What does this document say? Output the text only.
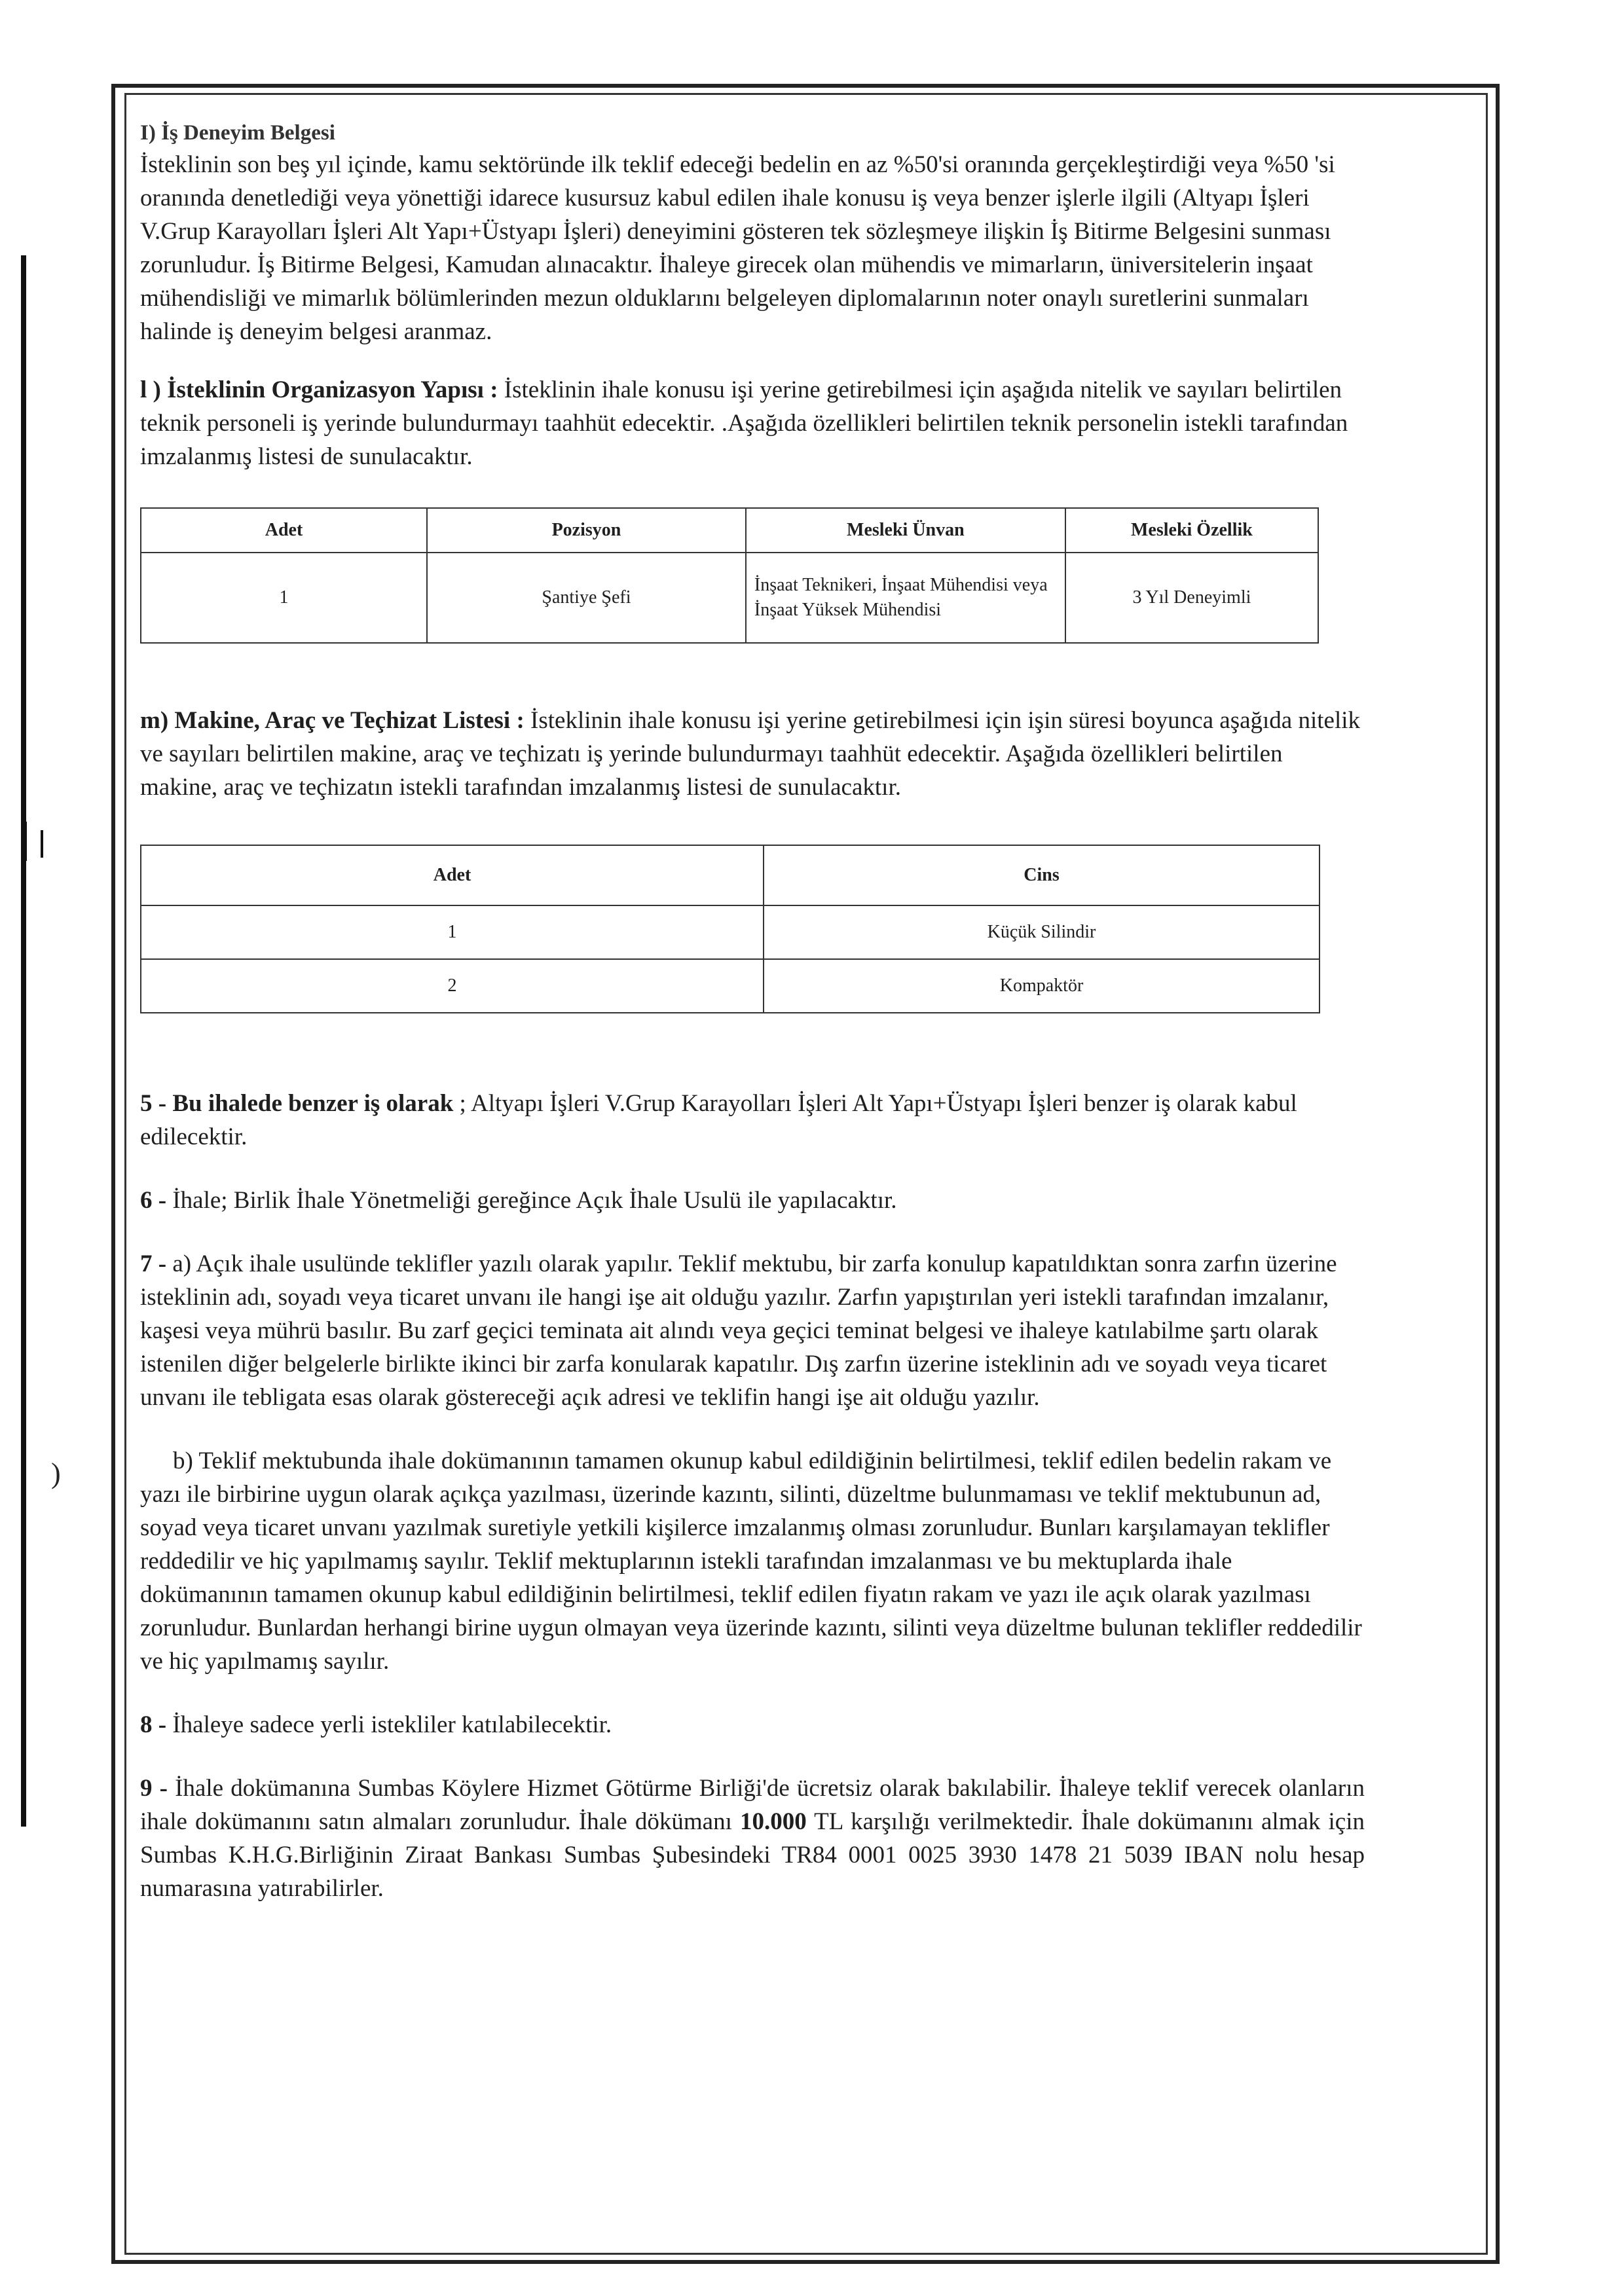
)

I) İş Deneyim Belgesi

İsteklinin son beş yıl içinde, kamu sektöründe ilk teklif edeceği bedelin en az %50'si oranında gerçekleştirdiği veya %50 'si oranında denetlediği veya yönettiği idarece kusursuz kabul edilen ihale konusu iş veya benzer işlerle ilgili (Altyapı İşleri V.Grup Karayolları İşleri Alt Yapı+Üstyapı İşleri) deneyimini gösteren tek sözleşmeye ilişkin İş Bitirme Belgesini sunması zorunludur. İş Bitirme Belgesi, Kamudan alınacaktır. İhaleye girecek olan mühendis ve mimarların, üniversitelerin inşaat mühendisliği ve mimarlık bölümlerinden mezun olduklarını belgeleyen diplomalarının noter onaylı suretlerini sunmaları halinde iş deneyim belgesi aranmaz.

l ) İsteklinin Organizasyon Yapısı : İsteklinin ihale konusu işi yerine getirebilmesi için aşağıda nitelik ve sayıları belirtilen teknik personeli iş yerinde bulundurmayı taahhüt edecektir. .Aşağıda özellikleri belirtilen teknik personelin istekli tarafından imzalanmış listesi de sunulacaktır.

Adet	Pozisyon	Mesleki Ünvan	Mesleki Özellik
1	Şantiye Şefi	İnşaat Teknikeri, İnşaat Mühendisi veya İnşaat Yüksek Mühendisi	3 Yıl Deneyimli

m) Makine, Araç ve Teçhizat Listesi : İsteklinin ihale konusu işi yerine getirebilmesi için işin süresi boyunca aşağıda nitelik ve sayıları belirtilen makine, araç ve teçhizatı iş yerinde bulundurmayı taahhüt edecektir. Aşağıda özellikleri belirtilen makine, araç ve teçhizatın istekli tarafından imzalanmış listesi de sunulacaktır.

Adet	Cins
1	Küçük Silindir
2	Kompaktör

5 - Bu ihalede benzer iş olarak ; Altyapı İşleri V.Grup Karayolları İşleri Alt Yapı+Üstyapı İşleri benzer iş olarak kabul edilecektir.

6 - İhale; Birlik İhale Yönetmeliği gereğince Açık İhale Usulü ile yapılacaktır.

7 - a) Açık ihale usulünde teklifler yazılı olarak yapılır. Teklif mektubu, bir zarfa konulup kapatıldıktan sonra zarfın üzerine isteklinin adı, soyadı veya ticaret unvanı ile hangi işe ait olduğu yazılır. Zarfın yapıştırılan yeri istekli tarafından imzalanır, kaşesi veya mührü basılır. Bu zarf geçici teminata ait alındı veya geçici teminat belgesi ve ihaleye katılabilme şartı olarak istenilen diğer belgelerle birlikte ikinci bir zarfa konularak kapatılır. Dış zarfın üzerine isteklinin adı ve soyadı veya ticaret unvanı ile tebligata esas olarak göstereceği açık adresi ve teklifin hangi işe ait olduğu yazılır.

b) Teklif mektubunda ihale dokümanının tamamen okunup kabul edildiğinin belirtilmesi, teklif edilen bedelin rakam ve yazı ile birbirine uygun olarak açıkça yazılması, üzerinde kazıntı, silinti, düzeltme bulunmaması ve teklif mektubunun ad, soyad veya ticaret unvanı yazılmak suretiyle yetkili kişilerce imzalanmış olması zorunludur. Bunları karşılamayan teklifler reddedilir ve hiç yapılmamış sayılır. Teklif mektuplarının istekli tarafından imzalanması ve bu mektuplarda ihale dokümanının tamamen okunup kabul edildiğinin belirtilmesi, teklif edilen fiyatın rakam ve yazı ile açık olarak yazılması zorunludur. Bunlardan herhangi birine uygun olmayan veya üzerinde kazıntı, silinti veya düzeltme bulunan teklifler reddedilir ve hiç yapılmamış sayılır.

8 - İhaleye sadece yerli istekliler katılabilecektir.

9 - İhale dokümanına Sumbas Köylere Hizmet Götürme Birliği'de ücretsiz olarak bakılabilir. İhaleye teklif verecek olanların ihale dokümanını satın almaları zorunludur. İhale dökümanı 10.000 TL karşılığı verilmektedir. İhale dokümanını almak için Sumbas K.H.G.Birliğinin Ziraat Bankası Sumbas Şubesindeki TR84 0001 0025 3930 1478 21 5039 IBAN nolu hesap numarasına yatırabilirler.
